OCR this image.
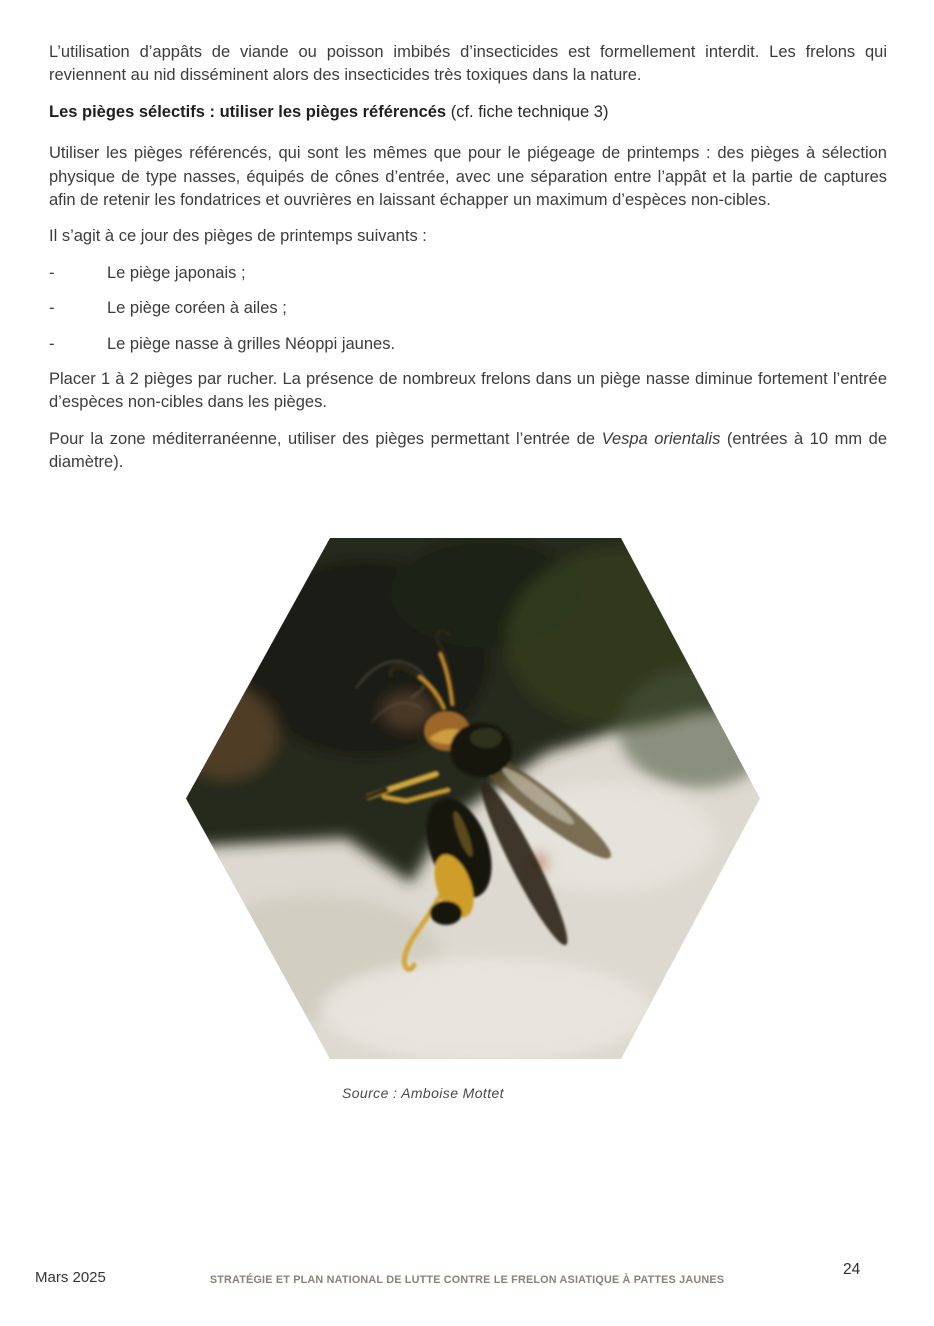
L’utilisation d’appâts de viande ou poisson imbibés d’insecticides est formellement interdit. Les frelons qui reviennent au nid disséminent alors des insecticides très toxiques dans la nature.

Les pièges sélectifs : utiliser les pièges référencés (cf. fiche technique 3)

Utiliser les pièges référencés, qui sont les mêmes que pour le piégeage de printemps : des pièges à sélection physique de type nasses, équipés de cônes d’entrée, avec une séparation entre l’appât et la partie de captures afin de retenir les fondatrices et ouvrières en laissant échapper un maximum d’espèces non-cibles.

Il s’agit à ce jour des pièges de printemps suivants :

-	Le piège japonais ;
-	Le piège coréen à ailes ;
-	Le piège nasse à grilles Néoppi jaunes.

Placer 1 à 2 pièges par rucher. La présence de nombreux frelons dans un piège nasse diminue fortement l’entrée d’espèces non-cibles dans les pièges.

Pour la zone méditerranéenne, utiliser des pièges permettant l’entrée de Vespa orientalis (entrées à 10 mm de diamètre).

Source : Amboise Mottet
Mars 2025	STRATÉGIE ET PLAN NATIONAL DE LUTTE CONTRE LE FRELON ASIATIQUE À PATTES JAUNES
24
